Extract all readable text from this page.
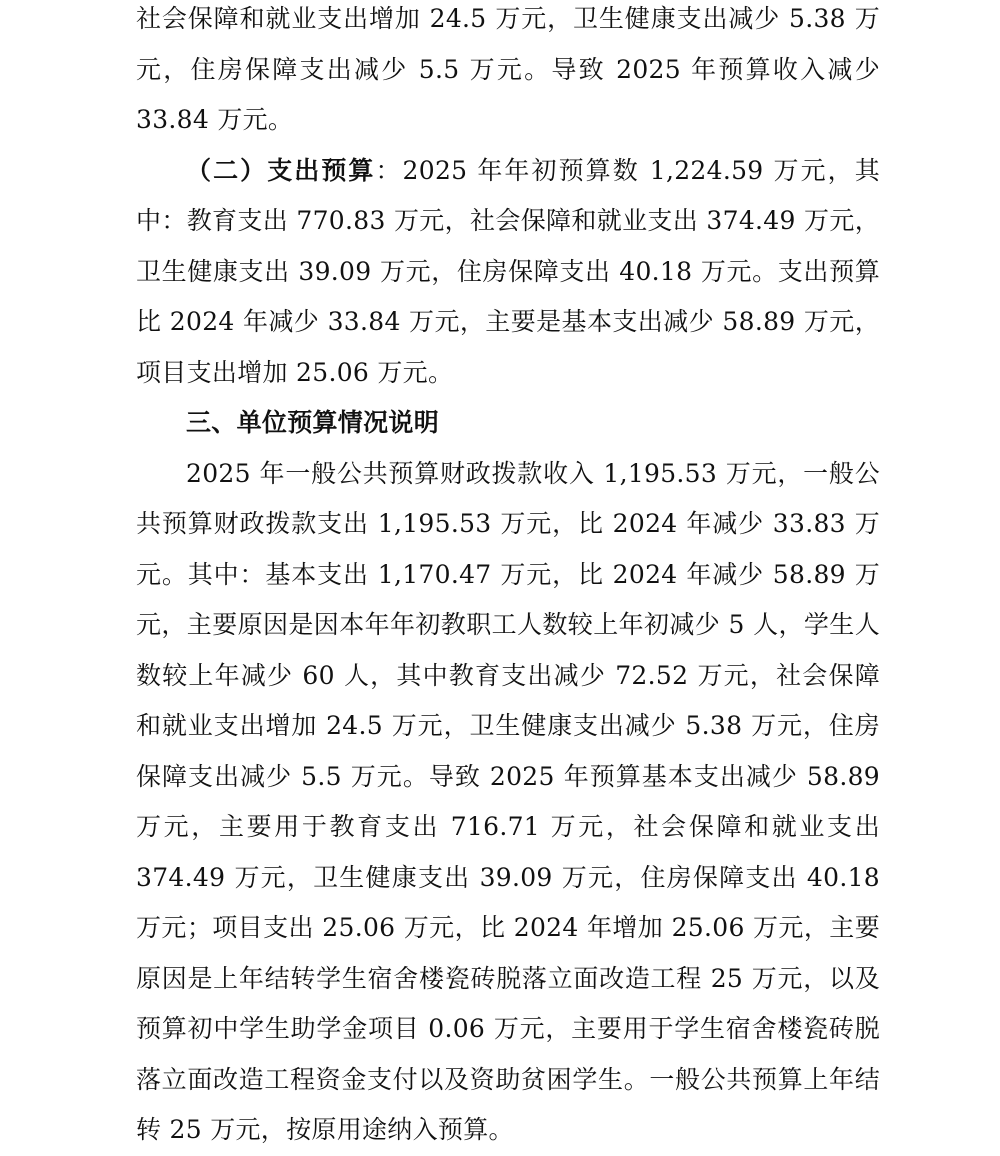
社会保障和就业支出增加 24.5 万元，卫生健康支出减少 5.38 万元，住房保障支出减少 5.5 万元。导致 2025 年预算收入减少 33.84 万元。

（二）支出预算：2025 年年初预算数 1,224.59 万元，其中：教育支出 770.83 万元，社会保障和就业支出 374.49 万元，卫生健康支出 39.09 万元，住房保障支出 40.18 万元。支出预算比 2024 年减少 33.84 万元，主要是基本支出减少 58.89 万元，项目支出增加 25.06 万元。

三、单位预算情况说明

2025 年一般公共预算财政拨款收入 1,195.53 万元，一般公共预算财政拨款支出 1,195.53 万元，比 2024 年减少 33.83 万元。其中：基本支出 1,170.47 万元，比 2024 年减少 58.89 万元，主要原因是因本年年初教职工人数较上年初减少 5 人，学生人数较上年减少 60 人，其中教育支出减少 72.52 万元，社会保障和就业支出增加 24.5 万元，卫生健康支出减少 5.38 万元，住房保障支出减少 5.5 万元。导致 2025 年预算基本支出减少 58.89 万元，主要用于教育支出 716.71 万元，社会保障和就业支出 374.49 万元，卫生健康支出 39.09 万元，住房保障支出 40.18 万元；项目支出 25.06 万元，比 2024 年增加 25.06 万元，主要原因是上年结转学生宿舍楼瓷砖脱落立面改造工程 25 万元，以及预算初中学生助学金项目 0.06 万元，主要用于学生宿舍楼瓷砖脱落立面改造工程资金支付以及资助贫困学生。一般公共预算上年结转 25 万元，按原用途纳入预算。
